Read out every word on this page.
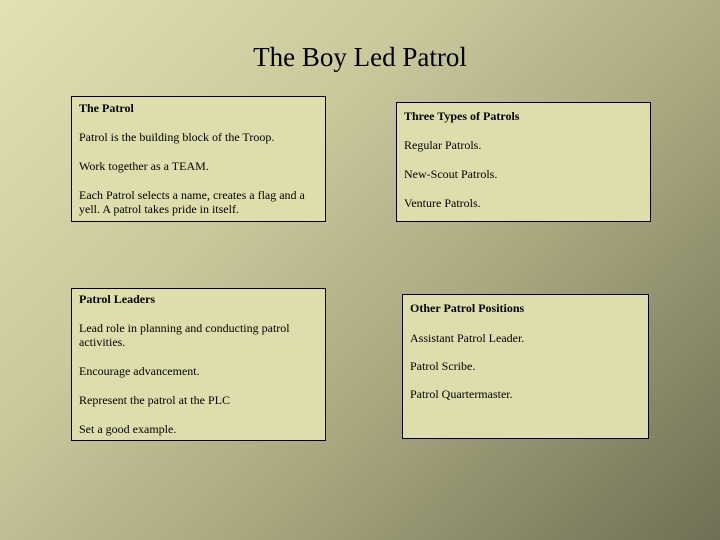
The Boy Led Patrol
The Patrol
Patrol is the building block of the Troop.
Work together as a TEAM.
Each Patrol selects a name, creates a flag and a yell. A patrol takes pride in itself.
Three Types of Patrols
Regular Patrols.
New-Scout Patrols.
Venture Patrols.
Patrol Leaders
Lead role in planning and conducting patrol activities.
Encourage advancement.
Represent the patrol at the PLC
Set a good example.
Other Patrol Positions
Assistant Patrol Leader.
Patrol Scribe.
Patrol Quartermaster.
